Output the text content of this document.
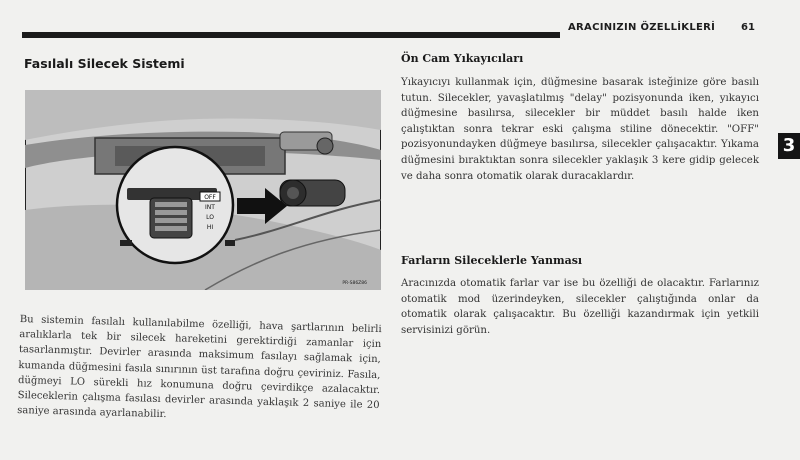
ARACINIZIN ÖZELLİKLERİ	61
Fasılalı Silecek Sistemi
OFF
INT
LO
HI
PR-S86Z86
Bu sistemin fasılalı kullanılabilme özelliği, hava şartlarının belirli aralıklarla tek bir silecek hareketini gerektirdiği zamanlar için tasarlanmıştır. Devirler arasında maksimum fasılayı sağlamak için, kumanda düğmesini fasıla sınırının üst tarafına doğru çeviriniz. Fasıla, düğmeyi LO sürekli hız konumuna doğru çevirdikçe azalacaktır. Sileceklerin çalışma fasılası devirler arasında yaklaşık 2 saniye ile 20 saniye arasında ayarlanabilir.
Ön Cam Yıkayıcıları
Yıkayıcıyı kullanmak için, düğmesine basarak isteğinize göre basılı tutun. Silecekler, yavaşlatılmış "delay" pozisyonunda iken, yıkayıcı düğmesine basılırsa, silecekler bir müddet basılı halde iken çalıştıktan sonra tekrar eski çalışma stiline dönecektir. "OFF" pozisyonundayken düğmeye basılırsa, silecekler çalışacaktır. Yıkama düğmesini bıraktıktan sonra silecekler yaklaşık 3 kere gidip gelecek ve daha sonra otomatik olarak duracaklardır.
Farların Sileceklerle Yanması
Aracınızda otomatik farlar var ise bu özelliği de olacaktır. Farlarınız otomatik mod üzerindeyken, silecekler çalıştığında onlar da otomatik olarak çalışacaktır. Bu özelliği kazandırmak için yetkili servisinizi görün.
3
